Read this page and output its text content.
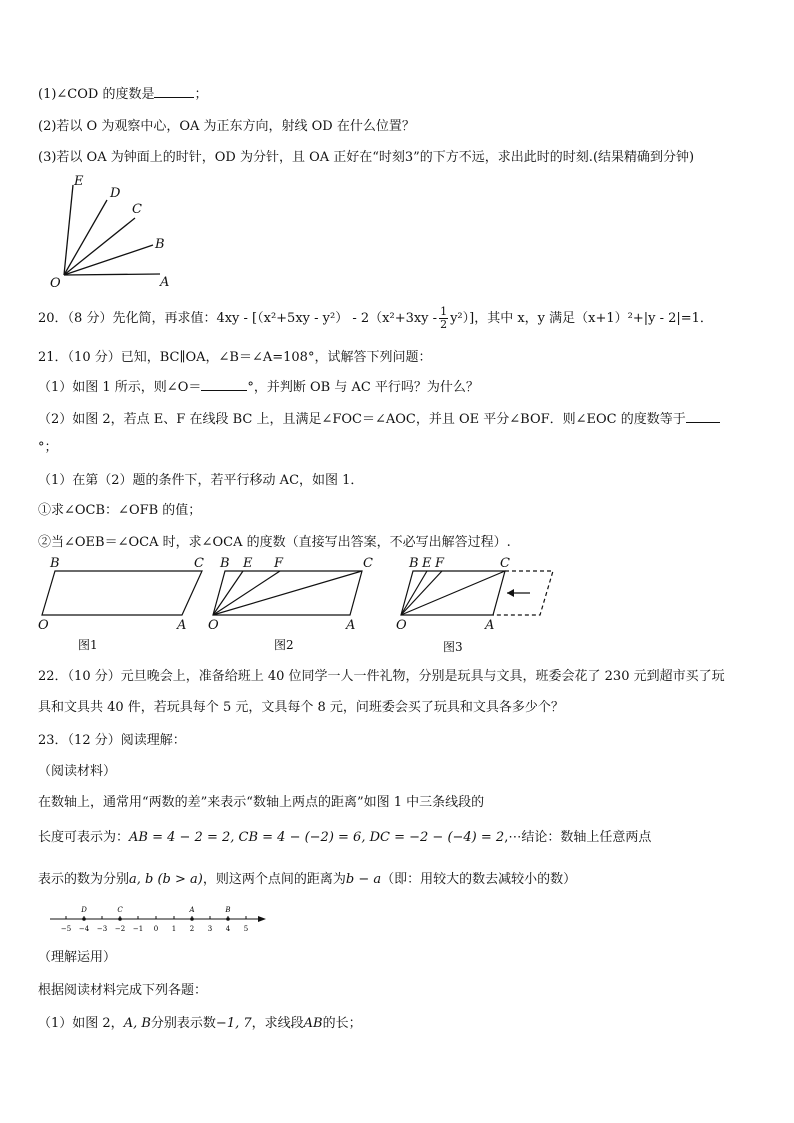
(1)∠COD 的度数是	；
(2)若以 O 为观察中心，OA 为正东方向，射线 OD 在什么位置？
(3)若以 OA 为钟面上的时针，OD 为分针，且 OA 正好在“时刻3”的下方不远，求出此时的时刻.(结果精确到分钟)
E
D
C
B
O	A
20．（8 分）先化简，再求值：$4xy - [(x^2+5xy - y^2) - 2(x^2+3xy - \frac{1}{2} y^2)]$，其中 x，y 满足（x+1）²+|y - 2|=1．
21．（10 分）已知，BC∥OA，∠B＝∠A=108°，试解答下列问题：
（1）如图 1 所示，则∠O＝	°，并判断 OB 与 AC 平行吗？为什么？
（2）如图 2，若点 E、F 在线段 BC 上，且满足∠FOC＝∠AOC，并且 OE 平分∠BOF．则∠EOC 的度数等于
°；
（1）在第（2）题的条件下，若平行移动 AC，如图 1．
①求∠OCB：∠OFB 的值；
②当∠OEB＝∠OCA 时，求∠OCA 的度数（直接写出答案，不必写出解答过程）.
B	C
O	A
B E F	C
O	A
B E F	C
O	A
图1	图2	图3
22．（10 分）元旦晚会上，准备给班上 40 位同学一人一件礼物，分别是玩具与文具，班委会花了 230 元到超市买了玩
具和文具共 40 件，若玩具每个 5 元，文具每个 8 元，问班委会买了玩具和文具各多少个？
23．（12 分）阅读理解：
（阅读材料）
在数轴上，通常用“两数的差”来表示“数轴上两点的距离”如图 1 中三条线段的
长度可表示为：AB = 4 − 2 = 2, CB = 4 − (−2) = 6, DC = −2 − (−4) = 2,⋯结论：数轴上任意两点
表示的数为分别a, b (b > a)，则这两个点间的距离为b − a（即：用较大的数去减较小的数）
−5 −4 −3 −2 −1 0 1 2 3 4 5
D	C	A	B
（理解运用）
根据阅读材料完成下列各题：
（1）如图 2，A, B分别表示数−1, 7，求线段AB的长；
